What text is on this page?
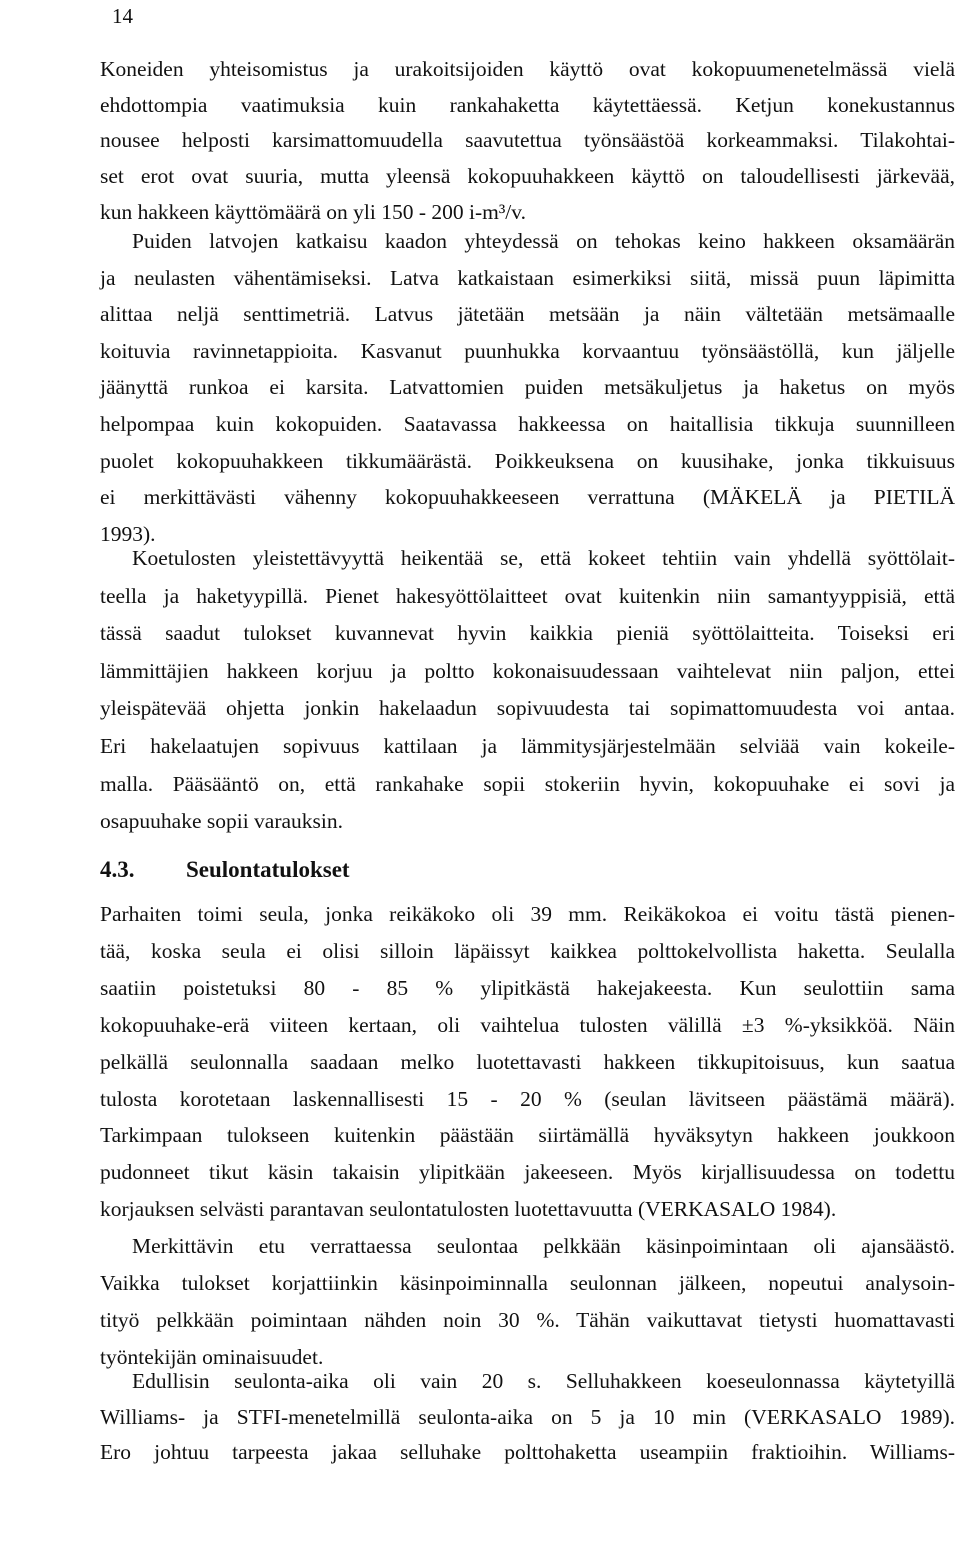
14
Koneiden yhteisomistus ja urakoitsijoiden käyttö ovat kokopuumenetelmässä vielä
ehdottompia vaatimuksia kuin rankahaketta käytettäessä. Ketjun konekustannus
nousee helposti karsimattomuudella saavutettua työnsäästöä korkeammaksi. Tilakohtai-
set erot ovat suuria, mutta yleensä kokopuuhakkeen käyttö on taloudellisesti järkevää,
kun hakkeen käyttömäärä on yli 150 - 200 i-m³/v.
Puiden latvojen katkaisu kaadon yhteydessä on tehokas keino hakkeen oksamäärän
ja neulasten vähentämiseksi. Latva katkaistaan esimerkiksi siitä, missä puun läpimitta
alittaa neljä senttimetriä. Latvus jätetään metsään ja näin vältetään metsämaalle
koituvia ravinnetappioita. Kasvanut puunhukka korvaantuu työnsäästöllä, kun jäljelle
jäänyttä runkoa ei karsita. Latvattomien puiden metsäkuljetus ja haketus on myös
helpompaa kuin kokopuiden. Saatavassa hakkeessa on haitallisia tikkuja suunnilleen
puolet kokopuuhakkeen tikkumäärästä. Poikkeuksena on kuusihake, jonka tikkuisuus
ei merkittävästi vähenny kokopuuhakkeeseen verrattuna (MÄKELÄ ja PIETILÄ
1993).
Koetulosten yleistettävyyttä heikentää se, että kokeet tehtiin vain yhdellä syöttölait-
teella ja haketyypillä. Pienet hakesyöttölaitteet ovat kuitenkin niin samantyyppisiä, että
tässä saadut tulokset kuvannevat hyvin kaikkia pieniä syöttölaitteita. Toiseksi eri
lämmittäjien hakkeen korjuu ja poltto kokonaisuudessaan vaihtelevat niin paljon, ettei
yleispätevää ohjetta jonkin hakelaadun sopivuudesta tai sopimattomuudesta voi antaa.
Eri hakelaatujen sopivuus kattilaan ja lämmitysjärjestelmään selviää vain kokeile-
malla. Pääsääntö on, että rankahake sopii stokeriin hyvin, kokopuuhake ei sovi ja
osapuuhake sopii varauksin.
4.3. Seulontatulokset
Parhaiten toimi seula, jonka reikäkoko oli 39 mm. Reikäkokoa ei voitu tästä pienen-
tää, koska seula ei olisi silloin läpäissyt kaikkea polttokelvollista haketta. Seulalla
saatiin poistetuksi 80 - 85 % ylipitkästä hakejakeesta. Kun seulottiin sama
kokopuuhake-erä viiteen kertaan, oli vaihtelua tulosten välillä ±3 %-yksikköä. Näin
pelkällä seulonnalla saadaan melko luotettavasti hakkeen tikkupitoisuus, kun saatua
tulosta korotetaan laskennallisesti 15 - 20 % (seulan lävitseen päästämä määrä).
Tarkimpaan tulokseen kuitenkin päästään siirtämällä hyväksytyn hakkeen joukkoon
pudonneet tikut käsin takaisin ylipitkään jakeeseen. Myös kirjallisuudessa on todettu
korjauksen selvästi parantavan seulontatulosten luotettavuutta (VERKASALO 1984).
Merkittävin etu verrattaessa seulontaa pelkkään käsinpoimintaan oli ajansäästö.
Vaikka tulokset korjattiinkin käsinpoiminnalla seulonnan jälkeen, nopeutui analysoin-
tityö pelkkään poimintaan nähden noin 30 %. Tähän vaikuttavat tietysti huomattavasti
työntekijän ominaisuudet.
Edullisin seulonta-aika oli vain 20 s. Selluhakkeen koeseulonnassa käytetyillä
Williams- ja STFI-menetelmillä seulonta-aika on 5 ja 10 min (VERKASALO 1989).
Ero johtuu tarpeesta jakaa selluhake polttohaketta useampiin fraktioihin. Williams-
